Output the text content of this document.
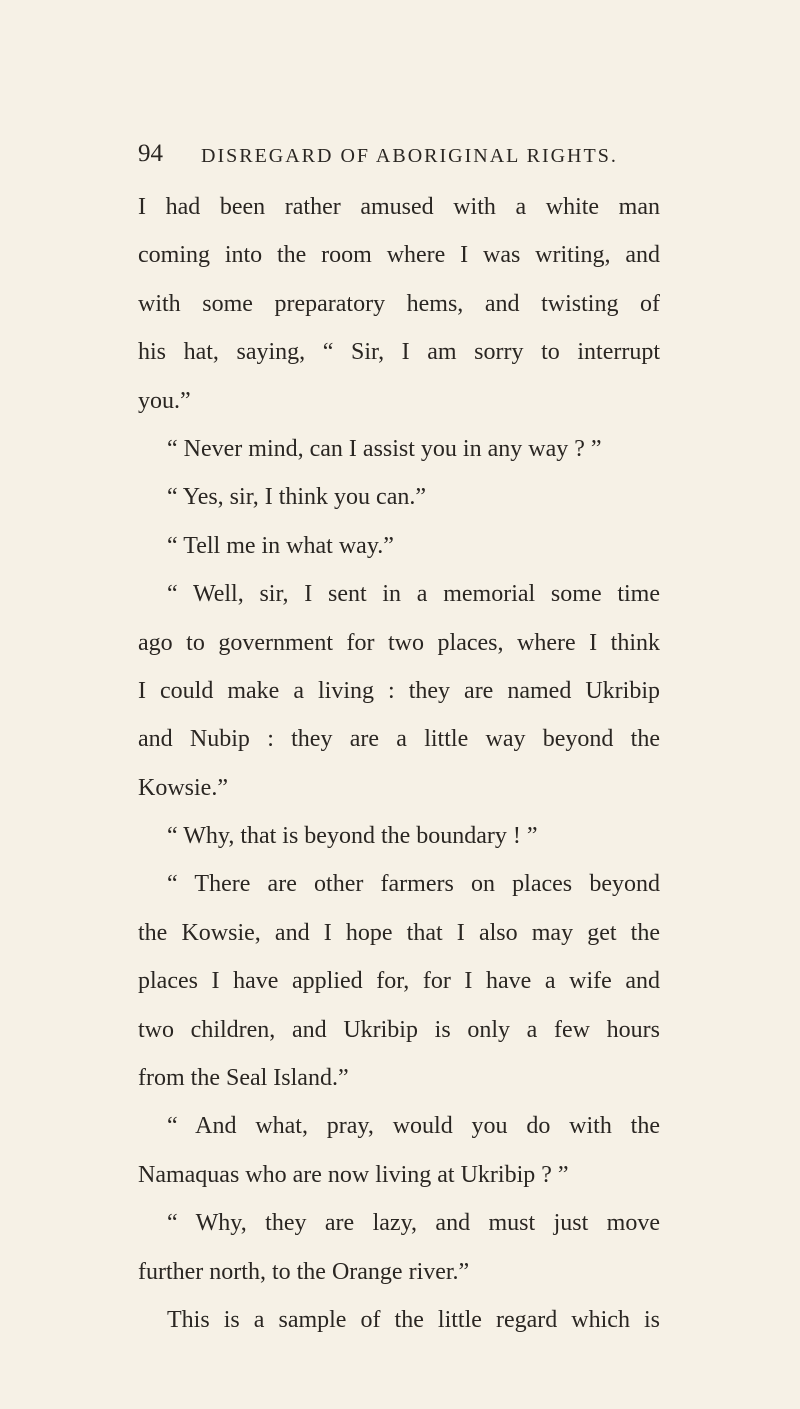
94 DISREGARD OF ABORIGINAL RIGHTS.
I had been rather amused with a white man
coming into the room where I was writing, and
with some preparatory hems, and twisting of
his hat, saying, “ Sir, I am sorry to interrupt
you.”
“ Never mind, can I assist you in any way ? ”
“ Yes, sir, I think you can.”
“ Tell me in what way.”
“ Well, sir, I sent in a memorial some time
ago to government for two places, where I think
I could make a living : they are named Ukribip
and Nubip : they are a little way beyond the
Kowsie.”
“ Why, that is beyond the boundary ! ”
“ There are other farmers on places beyond
the Kowsie, and I hope that I also may get the
places I have applied for, for I have a wife and
two children, and Ukribip is only a few hours
from the Seal Island.”
“ And what, pray, would you do with the
Namaquas who are now living at Ukribip ? ”
“ Why, they are lazy, and must just move
further north, to the Orange river.”
This is a sample of the little regard which is
